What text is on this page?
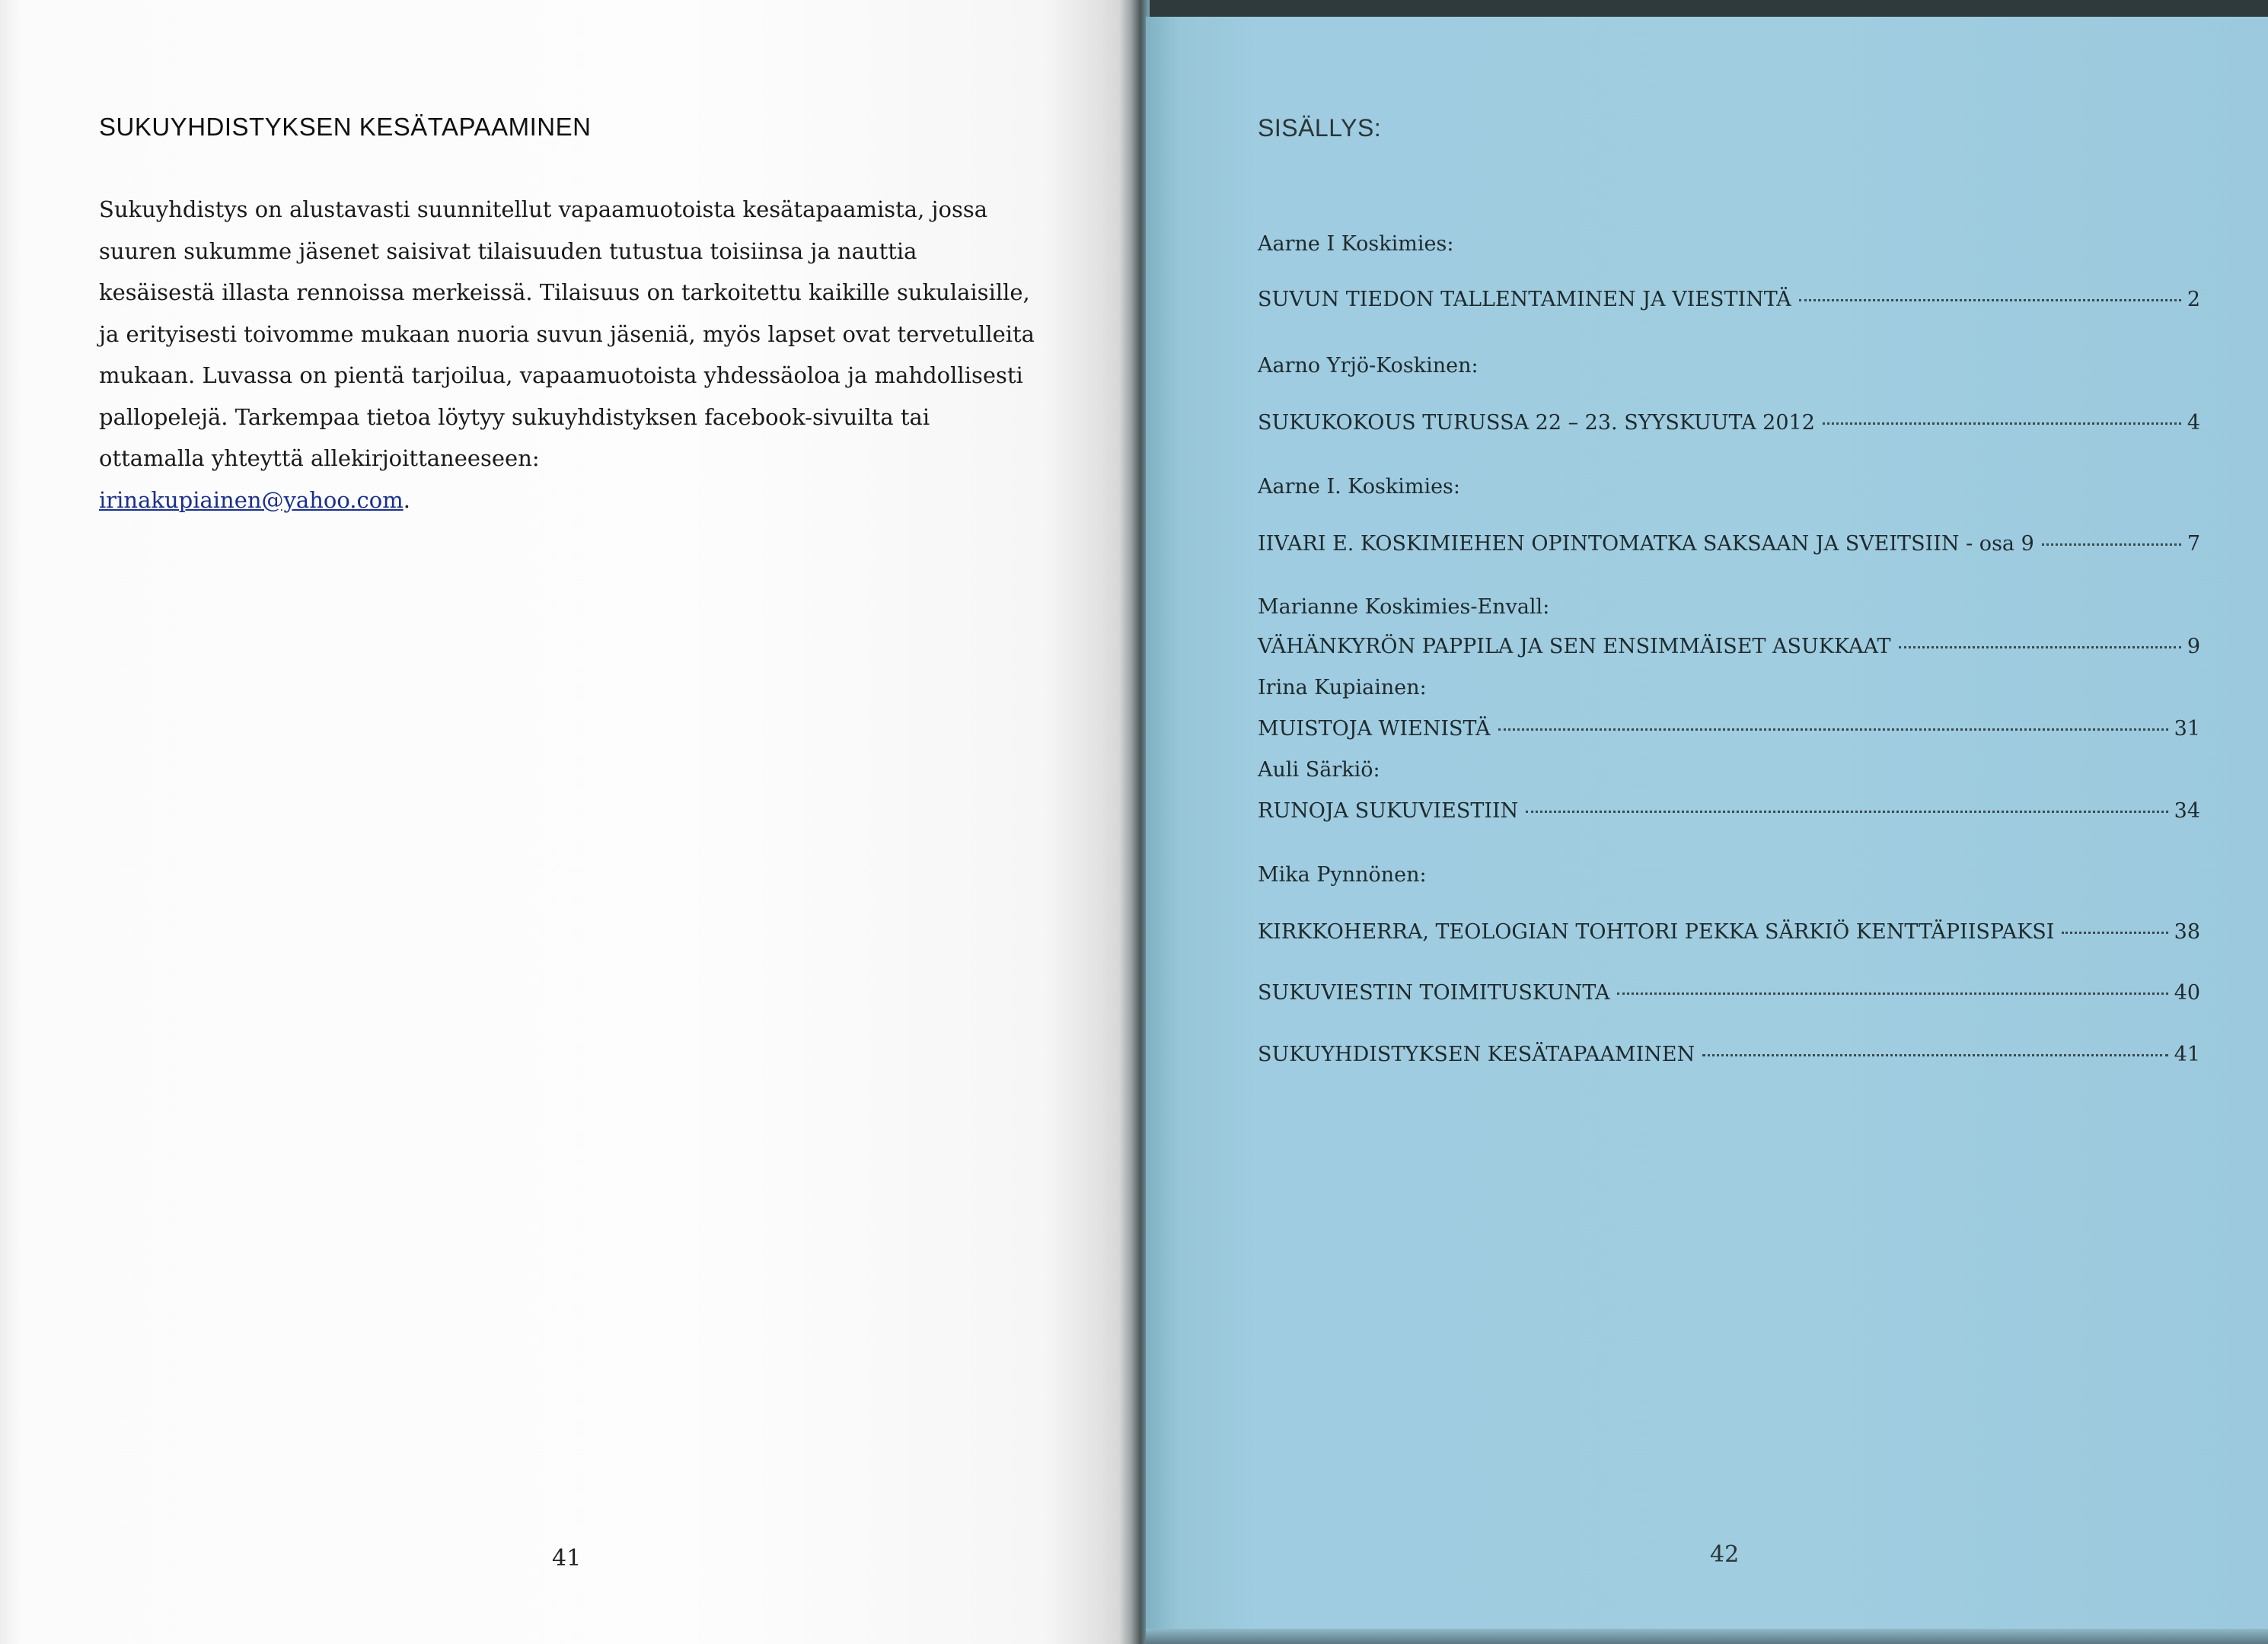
SUKUYHDISTYKSEN KESÄTAPAAMINEN

Sukuyhdistys on alustavasti suunnitellut vapaamuotoista kesätapaamista, jossa suuren sukumme jäsenet saisivat tilaisuuden tutustua toisiinsa ja nauttia kesäisestä illasta rennoissa merkeissä. Tilaisuus on tarkoitettu kaikille sukulaisille, ja erityisesti toivomme mukaan nuoria suvun jäseniä, myös lapset ovat tervetulleita mukaan. Luvassa on pientä tarjoilua, vapaamuotoista yhdessäoloa ja mahdollisesti pallopelejä. Tarkempaa tietoa löytyy sukuyhdistyksen facebook-sivuilta tai ottamalla yhteyttä allekirjoittaneeseen:
irinakupiainen@yahoo.com.

41
SISÄLLYS:
Aarne I Koskimies:
SUVUN TIEDON TALLENTAMINEN JA VIESTINTÄ	2
Aarno Yrjö-Koskinen:
SUKUKOKOUS TURUSSA 22 – 23. SYYSKUUTA 2012	4
Aarne I. Koskimies:
IIVARI E. KOSKIMIEHEN OPINTOMATKA SAKSAAN JA SVEITSIIN - osa 9	7
Marianne Koskimies-Envall:
VÄHÄNKYRÖN PAPPILA JA SEN ENSIMMÄISET ASUKKAAT	9
Irina Kupiainen:
MUISTOJA WIENISTÄ	31
Auli Särkiö:
RUNOJA SUKUVIESTIIN	34
Mika Pynnönen:
KIRKKOHERRA, TEOLOGIAN TOHTORI PEKKA SÄRKIÖ KENTTÄPIISPAKSI	38
SUKUVIESTIN TOIMITUSKUNTA	40
SUKUYHDISTYKSEN KESÄTAPAAMINEN	41
42
